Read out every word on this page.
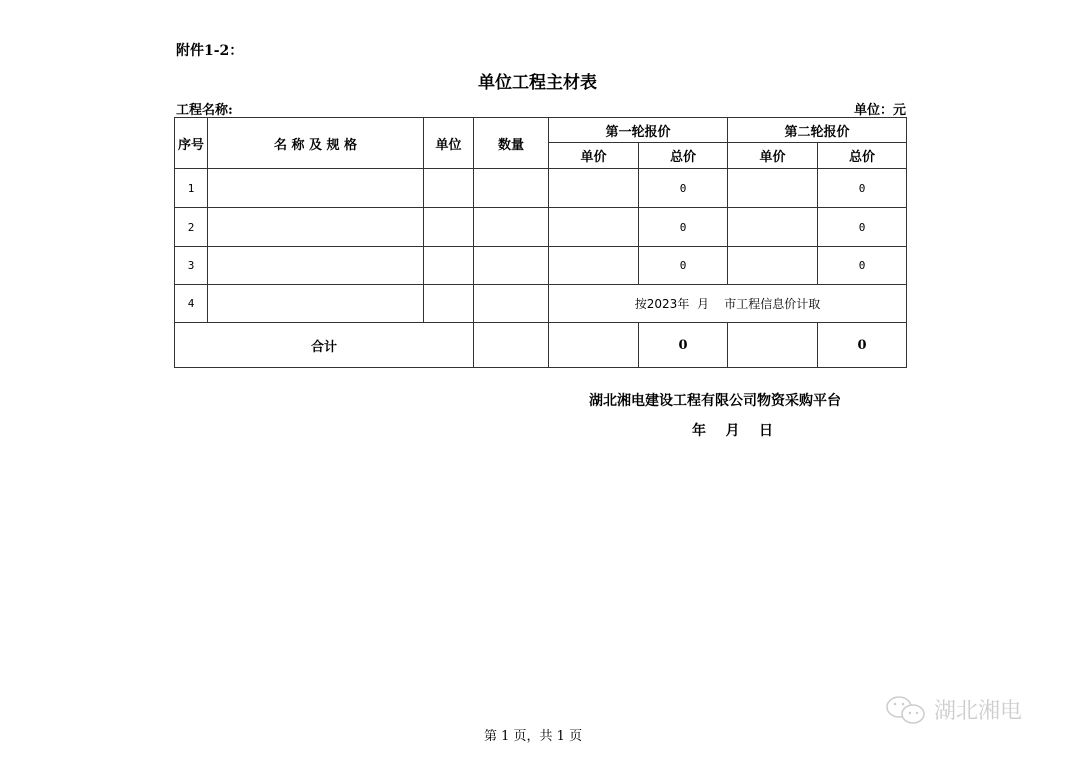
附件1-2：
单位工程主材表
工程名称:	单位：元
序号	名 称 及 规 格	单位	数量	第一轮报价		第二轮报价	
				单价	总价	单价	总价
1					0		0
2					0		0
3					0		0
4				按2023年  月    市工程信息价计取			
合计					0		0
湖北湘电建设工程有限公司物资采购平台
年    月    日
第 1 页，共 1 页
湖北湘电
